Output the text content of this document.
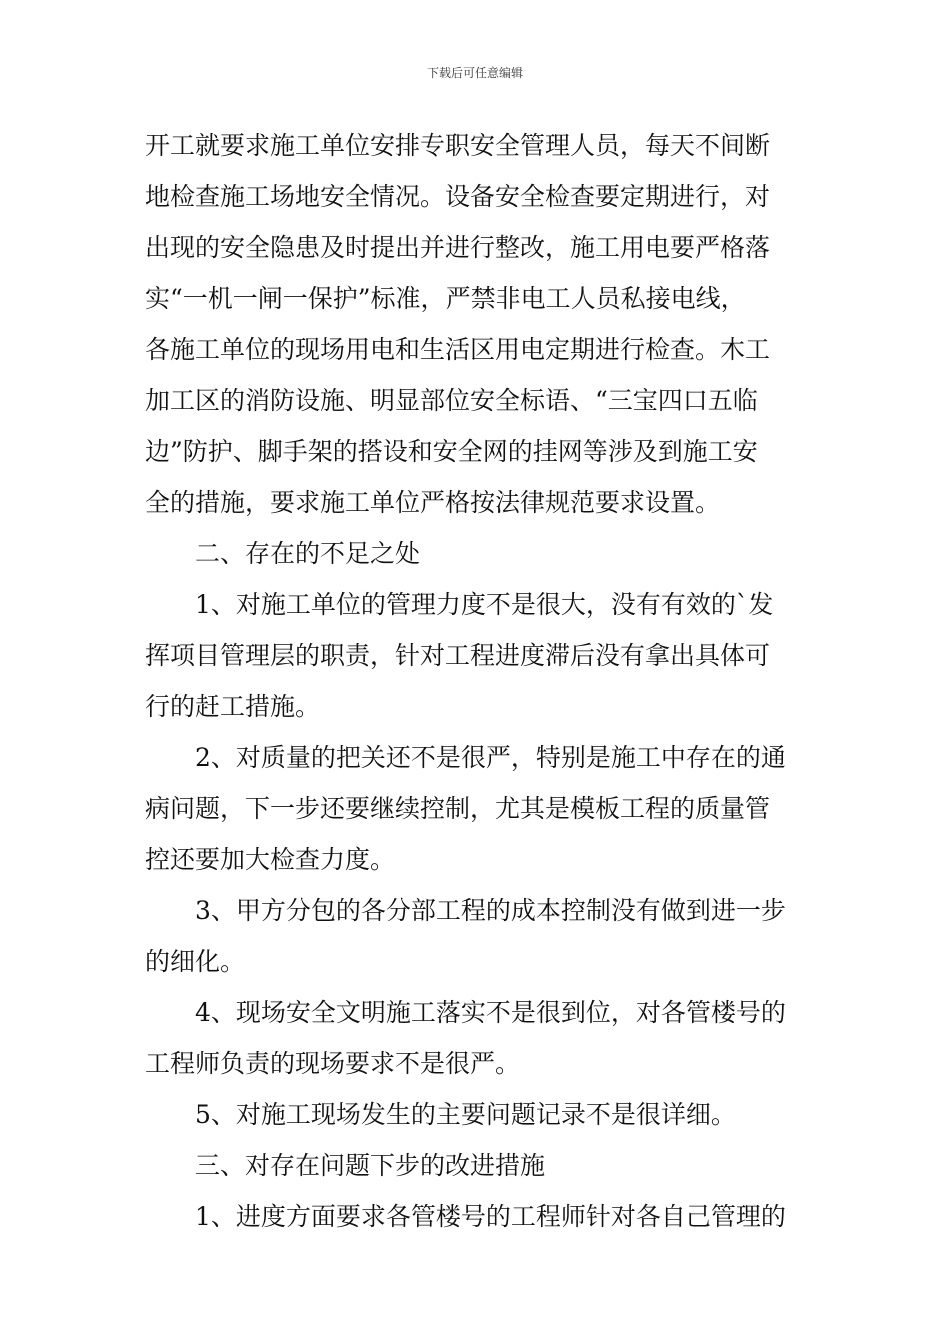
下载后可任意编辑
开工就要求施工单位安排专职安全管理人员，每天不间断
地检查施工场地安全情况。设备安全检查要定期进行，对
出现的安全隐患及时提出并进行整改，施工用电要严格落
实“一机一闸一保护”标准，严禁非电工人员私接电线，
各施工单位的现场用电和生活区用电定期进行检查。木工
加工区的消防设施、明显部位安全标语、“三宝四口五临
边”防护、脚手架的搭设和安全网的挂网等涉及到施工安
全的措施，要求施工单位严格按法律规范要求设置。
二、存在的不足之处
1、对施工单位的管理力度不是很大，没有有效的`发
挥项目管理层的职责，针对工程进度滞后没有拿出具体可
行的赶工措施。
2、对质量的把关还不是很严，特别是施工中存在的通
病问题，下一步还要继续控制，尤其是模板工程的质量管
控还要加大检查力度。
3、甲方分包的各分部工程的成本控制没有做到进一步
的细化。
4、现场安全文明施工落实不是很到位，对各管楼号的
工程师负责的现场要求不是很严。
5、对施工现场发生的主要问题记录不是很详细。
三、对存在问题下步的改进措施
1、进度方面要求各管楼号的工程师针对各自己管理的
